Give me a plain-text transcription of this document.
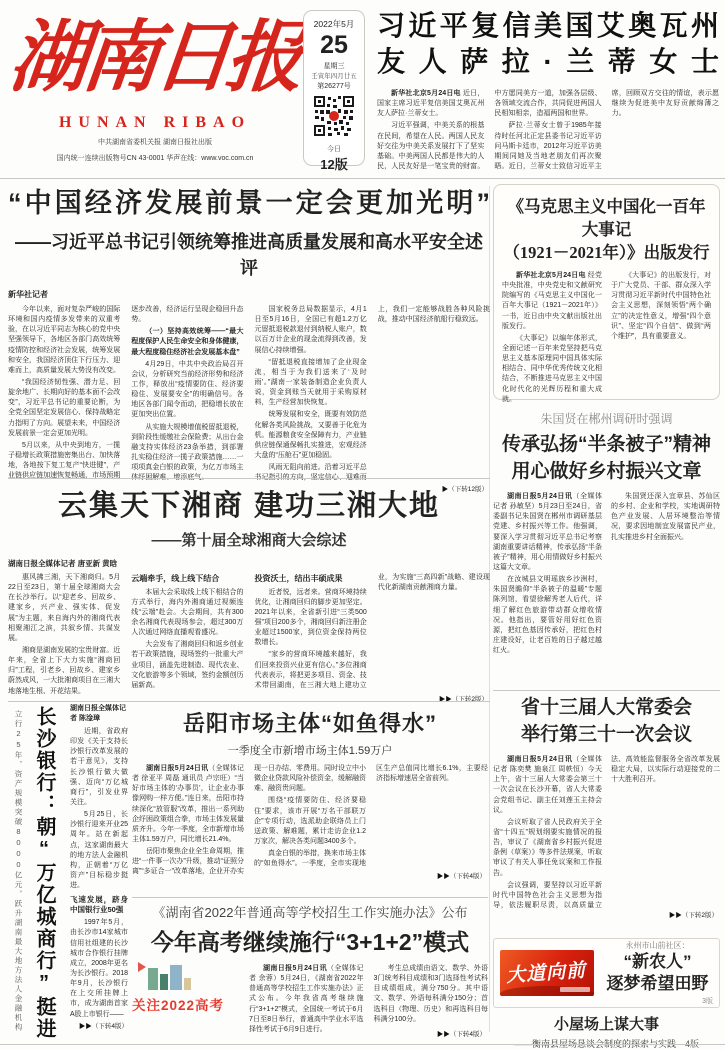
湖南日报
HUNAN RIBAO
中共湖南省委机关报 湖南日报社出版
国内统一连续出版物号CN 43-0001 华声在线：www.voc.com.cn
2022年5月
25
星期三
壬寅年四月廿五
第26277号
今日
12版
习近平复信美国艾奥瓦州
友人萨拉·兰蒂女士

新华社北京5月24日电 近日，国家主席习近平复信美国艾奥瓦州友人萨拉·兰蒂女士。

习近平强调，中美关系的根基在民间，希望在人民。两国人民友好交往为中美关系发展打下了坚实基础。中美两国人民都是伟大的人民，人民友好是一笔宝贵的财富。中方愿同美方一道，加强各层级、各领域交流合作，共同促进两国人民相知相亲，造福两国和世界。

萨拉·兰蒂女士曾于1985年接待时任河北正定县委书记习近平访问马斯卡廷市，2012年习近平访美期间同她及当地老朋友们再次聚晤。近日，兰蒂女士致信习近平主席，回顾双方交往的情谊，表示愿继续为促进美中友好贡献绵薄之力。

“中国经济发展前景一定会更加光明”
——习近平总书记引领统筹推进高质量发展和高水平安全述评
新华社记者

今年以来，面对复杂严峻的国际环境和国内疫情多发带来的双重考验，在以习近平同志为核心的党中央坚强领导下，各地区各部门高效统筹疫情防控和经济社会发展，统筹发展和安全，我国经济顶住下行压力、迎难而上，高质量发展大势没有改变。

“我国经济韧性强、潜力足、回旋余地广、长期向好的基本面不会改变”，习近平总书记的重要论断，为全党全国坚定发展信心、保持战略定力指明了方向。展望未来，中国经济发展前景一定会更加光明。

5月以来，从中央到地方，一揽子稳增长政策措施密集出台、加快落地，各地按下复工复产“快进键”，产业链供应链加速恢复畅通，市场预期逐步改善，经济运行呈现企稳回升态势。

（一）坚持高效统筹——“最大程度保护人民生命安全和身体健康，最大程度稳住经济社会发展基本盘”

4月29日，中共中央政治局召开会议，分析研究当前经济形势和经济工作，释放出“疫情要防住、经济要稳住、发展要安全”的明确信号。各地区各部门闻令而动，把稳增长放在更加突出位置。

从实施大规模增值税留抵退税，到阶段性缓缴社会保险费；从出台金融支持实体经济23条举措，到部署扎实稳住经济一揽子政策措施……一项项真金白银的政策，为亿万市场主体纾困解难、增添底气。

国家税务总局数据显示，4月1日至5月16日，全国已有超1.2万亿元留抵退税款退付到纳税人账户，数以百万计企业的现金流得到改善，发展信心持续增强。

“留抵退税直接增加了企业现金流，相当于为我们送来了‘及时雨’。”湖南一家装备制造企业负责人说，资金到账当天就用于采购原材料，生产经营加快恢复。

统筹发展和安全，既要有效防范化解各类风险挑战，又要善于化危为机。能源粮食安全保障有力，产业链供应链保通保畅扎实推进，宏观经济大盘的“压舱石”更加稳固。

风雨无阻向前进。沿着习近平总书记指引的方向，坚定信心、迎难而上，我们一定能够战胜各种风险挑战，推动中国经济航船行稳致远。

▶（下转12版）
云集天下湘商 建功三湘大地
——第十届全球湘商大会综述
湖南日报全媒体记者 唐亚新 黄晗

惠风拂三湘，天下湘商归。5月22日至23日，第十届全球湘商大会在长沙举行。以“迎老乡、回故乡、建家乡，兴产业、强实体、促发展”为主题，来自海内外的湘商代表相聚湘江之滨，共叙乡情、共谋发展。

湘商是湖南发展的宝贵财富。近年来，全省上下大力实施“湘商回归”工程，引老乡、回故乡、建家乡蔚然成风，一大批湘商项目在三湘大地落地生根、开花结果。

云端牵手，线上线下结合

本届大会采取线上线下相结合的方式举行，海内外湘商通过视频连线“云端”赴会。大会期间，共有300余名湘商代表现场参会，超过300万人次通过网络直播观看盛况。

大会发布了湘商回归和返乡创业若干政策措施，现场签约一批重大产业项目，涵盖先进制造、现代农业、文化旅游等多个领域，签约金额创历届新高。

投资沃土，结出丰硕成果

近者悦，远者来。营商环境持续优化，让湘商回归的脚步更加坚定。2021年以来，全省新引进“三类500强”项目200多个，湘商回归新注册企业超过1500家，到位资金保持两位数增长。

“家乡的营商环境越来越好，我们回来投资兴业更有信心。”多位湘商代表表示，将把更多项目、资金、技术带回湖南，在三湘大地上建功立业，为实施“三高四新”战略、建设现代化新湖南贡献湘商力量。

▶▶（下转2版）
《马克思主义中国化一百年大事记
（1921－2021年）》出版发行

新华社北京5月24日电 经党中央批准，中央党史和文献研究院编写的《马克思主义中国化一百年大事记（1921－2021年）》一书，近日由中央文献出版社出版发行。

《大事记》以编年体形式，全面记述一百年来党坚持把马克思主义基本原理同中国具体实际相结合、同中华优秀传统文化相结合，不断推进马克思主义中国化时代化的光辉历程和重大成就。

《大事记》的出版发行，对于广大党员、干部、群众深入学习贯彻习近平新时代中国特色社会主义思想，深刻领悟“两个确立”的决定性意义，增强“四个意识”、坚定“四个自信”、做到“两个维护”，具有重要意义。

朱国贤在郴州调研时强调
传承弘扬“半条被子”精神
用心做好乡村振兴文章

湖南日报5月24日讯（全媒体记者 孙敏坚）5月23日至24日，省委副书记朱国贤在郴州市调研基层党建、乡村振兴等工作。他强调，要深入学习贯彻习近平总书记考察湖南重要讲话精神，传承弘扬“半条被子”精神，用心用情做好乡村振兴这篇大文章。

在汝城县文明瑶族乡沙洲村，朱国贤瞻仰“半条被子的温暖”专题陈列馆，看望徐解秀老人后代，详细了解红色旅游带动群众增收情况。他指出，要管好用好红色资源，把红色基因传承好，把红色村庄建设好，让老百姓的日子越过越红火。

朱国贤还深入宜章县、苏仙区的乡村、企业和学校，实地调研特色产业发展、人居环境整治等情况，要求因地制宜发展富民产业，扎实推进乡村全面振兴。

省十三届人大常委会
举行第三十一次会议

湖南日报5月24日讯（全媒体记者 陈奕樊 施泉江 周帙恒）今天上午，省十三届人大常委会第三十一次会议在长沙开幕，省人大常委会党组书记、副主任刘莲玉主持会议。

会议听取了省人民政府关于全省“十四五”规划纲要实施情况的报告，审议了《湖南省乡村振兴促进条例（草案）》等多件法规案，听取审议了有关人事任免议案和工作报告。

会议强调，要坚持以习近平新时代中国特色社会主义思想为指导，依法履职尽责，以高质量立法、高效能监督服务全省改革发展稳定大局，以实际行动迎接党的二十大胜利召开。

▶▶（下转2版）
立行25年，资产规模突破8000亿元，跃升湖南最大地方法人金融机构 长沙银行：朝“万亿城商行”挺进	湖南日报全媒体记者 陈淦璋

近期，省政府印发《关于支持长沙银行改革发展的若干意见》，支持长沙银行做大做强、迈向“万亿城商行”，引发业界关注。

5月25日，长沙银行迎来开业25周年。站在新起点，这家湖南最大的地方法人金融机构，正朝着“万亿资产”目标稳步挺进。

飞速发展，跻身中国银行业50强

1997年5月，由长沙市14家城市信用社组建的长沙城市合作银行挂牌成立，2008年更名为长沙银行。2018年9月，长沙银行在上交所挂牌上市，成为湖南首家A股上市银行——

▶▶（下转4版）
岳阳市场主体“如鱼得水”
一季度全市新增市场主体1.59万户

湖南日报5月24日讯（全媒体记者 徐亚平 周磊 通讯员 卢宗旺）“当好市场主体的‘办事员’，让企业办事像网购一样方便。”连日来，岳阳市持续深化“放管服”改革，推出一系列助企纾困政策组合拳，市场主体发展量质齐升。今年一季度，全市新增市场主体1.59万户，同比增长21.4%。

岳阳市聚焦企业全生命周期，推进“一件事一次办”升级，推动“证照分离”“多证合一”改革落地，企业开办实现一日办结、零费用。同时设立中小微企业贷款风险补偿资金，缓解融资难、融资贵问题。

围绕“疫情要防住、经济要稳住”要求，该市开展“万名干部联万企”专项行动，选派助企联络员上门送政策、解难题，累计走访企业1.2万家次，解决各类问题3400多个。

真金白银的举措，换来市场主体的“如鱼得水”。一季度，全市实现地区生产总值同比增长6.1%，主要经济指标增速居全省前列。

▶▶（下转4版）
《湖南省2022年普通高等学校招生工作实施办法》公布
今年高考继续施行“3+1+2”模式
关注2022高考

湖南日报5月24日讯（全媒体记者 余蓉）5月24日，《湖南省2022年普通高等学校招生工作实施办法》正式公布。今年我省高考继续施行“3+1+2”模式，全国统一考试于6月7日至8日举行，普通高中学业水平选择性考试于6月9日进行。

考生总成绩由语文、数学、外语3门统考科目成绩和3门选择性考试科目成绩组成，满分750分。其中语文、数学、外语每科满分150分；首选科目（物理、历史）和再选科目每科满分100分。

▶▶（下转4版）
大道向前
永州市山前社区：
“新农人”
逐梦希望田野
3版
小屋场上谋大事
——衡南县屋场恳谈会制度的探索与实践　 4版
